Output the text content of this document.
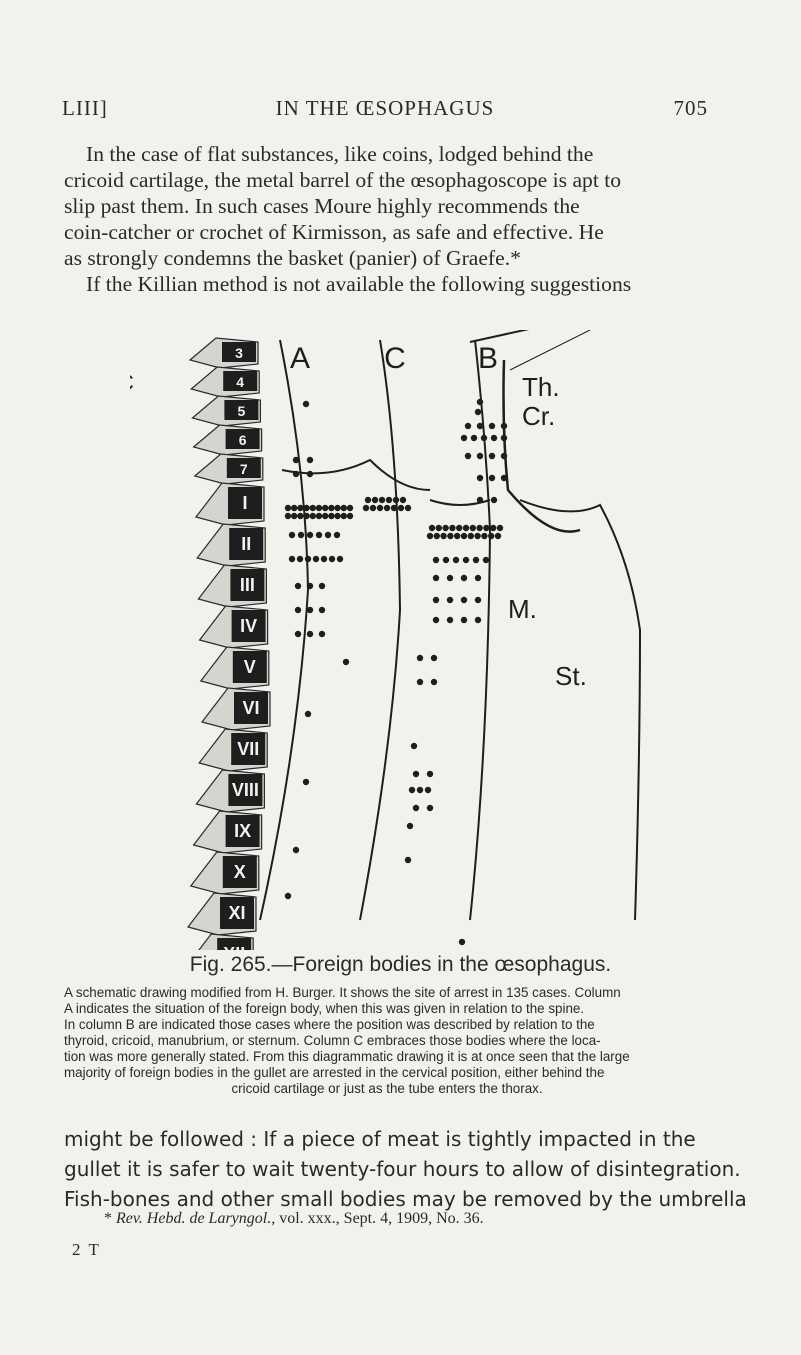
LIII]	IN THE ŒSOPHAGUS	705

In the case of flat substances, like coins, lodged behind the
cricoid cartilage, the metal barrel of the œsophagoscope is apt to
slip past them. In such cases Moure highly recommends the
coin-catcher or crochet of Kirmisson, as safe and effective. He
as strongly condemns the basket (panier) of Graefe.*
If the Killian method is not available the following suggestions

3
4
5
6
7
I
II
III
IV
V
VI
VII
VIII
IX
X
XI
A C B
Th.
Cr.
M.
St.
Fig. 265.—Foreign bodies in the œsophagus.
A schematic drawing modified from H. Burger. It shows the site of arrest in 135 cases. Column
A indicates the situation of the foreign body, when this was given in relation to the spine.
In column B are indicated those cases where the position was described by relation to the
thyroid, cricoid, manubrium, or sternum. Column C embraces those bodies where the loca-
tion was more generally stated. From this diagrammatic drawing it is at once seen that the large
majority of foreign bodies in the gullet are arrested in the cervical position, either behind the
cricoid cartilage or just as the tube enters the thorax.

might be followed : If a piece of meat is tightly impacted in the
gullet it is safer to wait twenty-four hours to allow of disintegration.
Fish-bones and other small bodies may be removed by the umbrella

* Rev. Hebd. de Laryngol., vol. xxx., Sept. 4, 1909, No. 36.
2 T
